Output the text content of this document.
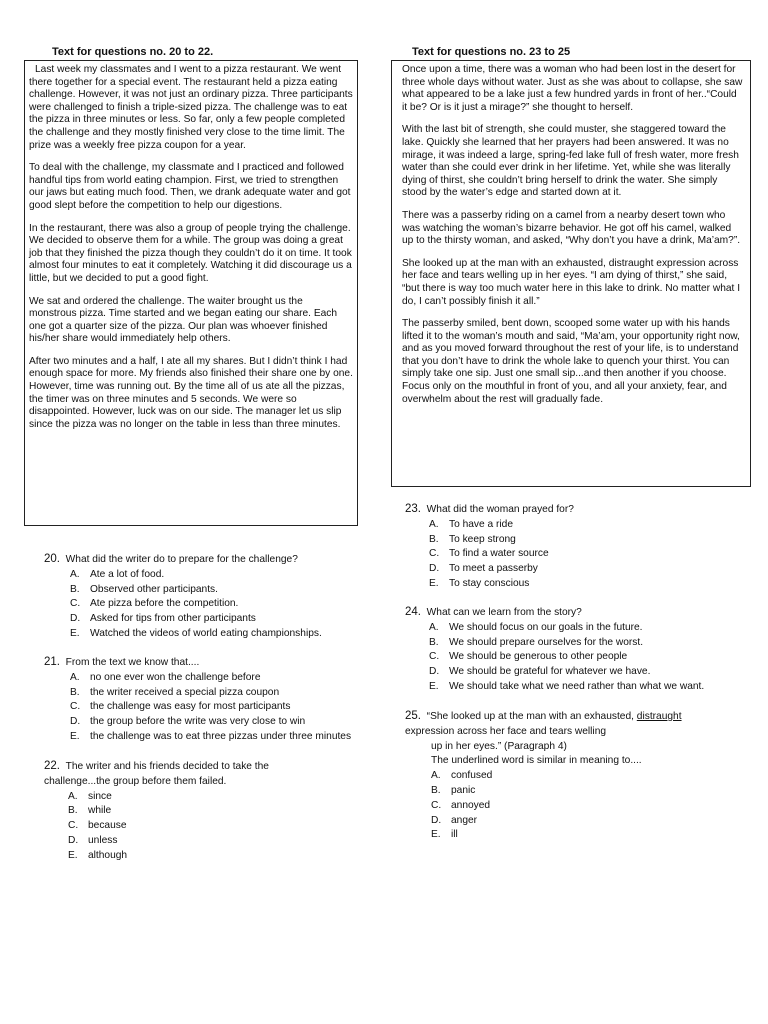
Text for questions no. 20 to 22.

Last week my classmates and I went to a pizza restaurant. We went there together for a special event. The restaurant held a pizza eating challenge. However, it was not just an ordinary pizza. Three participants were challenged to finish a triple-sized pizza. The challenge was to eat the pizza in three minutes or less. So far, only a few people completed the challenge and they mostly finished very close to the time limit. The prize was a weekly free pizza coupon for a year.

To deal with the challenge, my classmate and I practiced and followed handful tips from world eating champion. First, we tried to strengthen our jaws but eating much food. Then, we drank adequate water and got good slept before the competition to help our digestions.

In the restaurant, there was also a group of people trying the challenge. We decided to observe them for a while. The group was doing a great job that they finished the pizza though they couldn’t do it on time. It took almost four minutes to eat it completely. Watching it did discourage us a little, but we decided to put a good fight.

We sat and ordered the challenge. The waiter brought us the monstrous pizza. Time started and we began eating our share. Each one got a quarter size of the pizza. Our plan was whoever finished his/her share would immediately help others.

After two minutes and a half, I ate all my shares. But I didn’t think I had enough space for more. My friends also finished their share one by one. However, time was running out. By the time all of us ate all the pizzas, the timer was on three minutes and 5 seconds. We were so disappointed. However, luck was on our side. The manager let us slip since the pizza was no longer on the table in less than three minutes.

20. What did the writer do to prepare for the challenge?
A.	Ate a lot of food.
B.	Observed other participants.
C. Ate pizza before the competition.
D. Asked for tips from other participants
E.	Watched the videos of world eating championships.
21. From the text we know that....
A.	no one ever won the challenge before
B.	the writer received a special pizza coupon
C. the challenge was easy for most participants
D. the group before the write was very close to win
E.	the challenge was to eat three pizzas under three minutes
22. The writer and his friends decided to take the challenge...the group before them failed.
A.	since
B.	while
C. because
D. unless
E.	although
Text for questions no. 23 to 25

Once upon a time, there was a woman who had been lost in the desert for three whole days without water. Just as she was about to collapse, she saw what appeared to be a lake just a few hundred yards in front of her..“Could it be? Or is it just a mirage?” she thought to herself.

With the last bit of strength, she could muster, she staggered toward the lake. Quickly she learned that her prayers had been answered. It was no mirage, it was indeed a large, spring-fed lake full of fresh water, more fresh water than she could ever drink in her lifetime. Yet, while she was literally dying of thirst, she couldn’t bring herself to drink the water. She simply stood by the water’s edge and started down at it.

There was a passerby riding on a camel from a nearby desert town who was watching the woman’s bizarre behavior. He got off his camel, walked up to the thirsty woman, and asked, “Why don’t you have a drink, Ma’am?”.

She looked up at the man with an exhausted, distraught expression across her face and tears welling up in her eyes. “I am dying of thirst,” she said, “but there is way too much water here in this lake to drink. No matter what I do, I can’t possibly finish it all.”

The passerby smiled, bent down, scooped some water up with his hands lifted it to the woman’s mouth and said, “Ma’am, your opportunity right now, and as you moved forward throughout the rest of your life, is to understand that you don’t have to drink the whole lake to quench your thirst. You can simply take one sip. Just one small sip...and then another if you choose. Focus only on the mouthful in front of you, and all your anxiety, fear, and overwhelm about the rest will gradually fade.

23. What did the woman prayed for?
A.	To have a ride
B.	To keep strong
C. To find a water source
D. To meet a passerby
E.	To stay conscious
24. What can we learn from the story?
A.	We should focus on our goals in the future.
B.	We should prepare ourselves for the worst.
C. We should be generous to other people
D. We should be grateful for whatever we have.
E.	We should take what we need rather than what we want.
25. “She looked up at the man with an exhausted, distraught
expression across her face and tears welling
up in her eyes.” (Paragraph 4)
The underlined word is similar in meaning to....
A.	confused
B.	panic
C. annoyed
D. anger
E.	ill
